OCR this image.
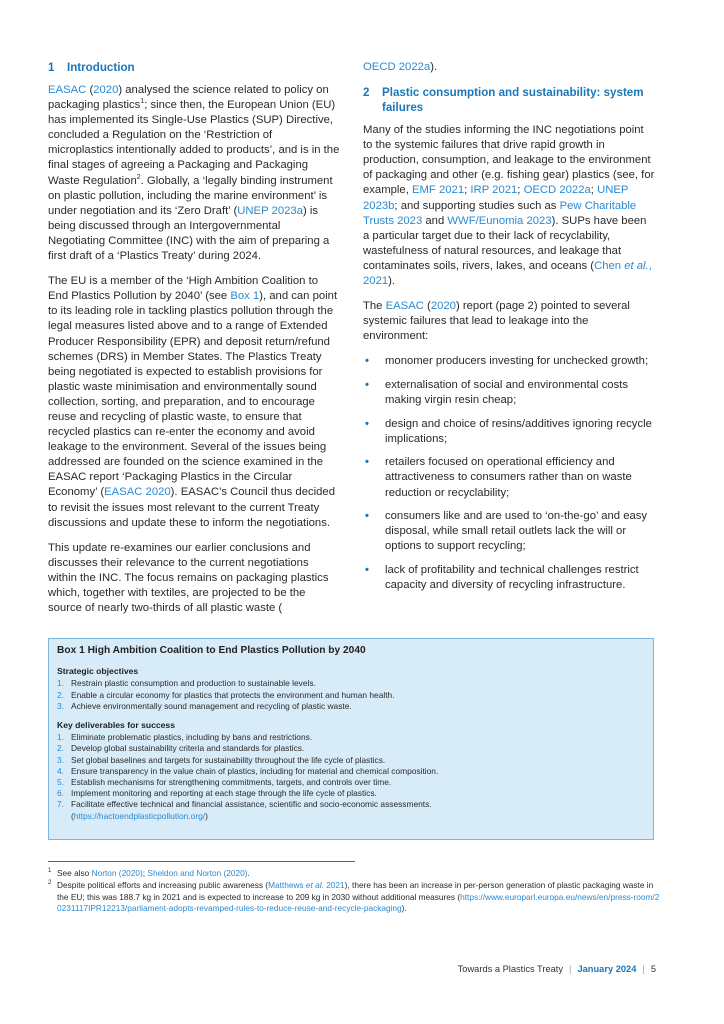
1	Introduction

EASAC (2020) analysed the science related to policy on packaging plastics$^1$; since then, the European Union (EU) has implemented its Single-Use Plastics (SUP) Directive, concluded a Regulation on the ‘Restriction of microplastics intentionally added to products’, and is in the final stages of agreeing a Packaging and Packaging Waste Regulation$^2$. Globally, a ‘legally binding instrument on plastic pollution, including the marine environment’ is under negotiation and its ‘Zero Draft’ (UNEP 2023a) is being discussed through an Intergovernmental Negotiating Committee (INC) with the aim of preparing a first draft of a ‘Plastics Treaty’ during 2024.

The EU is a member of the ‘High Ambition Coalition to End Plastics Pollution by 2040’ (see Box 1), and can point to its leading role in tackling plastics pollution through the legal measures listed above and to a range of Extended Producer Responsibility (EPR) and deposit return/refund schemes (DRS) in Member States. The Plastics Treaty being negotiated is expected to establish provisions for plastic waste minimisation and environmentally sound collection, sorting, and preparation, and to encourage reuse and recycling of plastic waste, to ensure that recycled plastics can re-enter the economy and avoid leakage to the environment. Several of the issues being addressed are founded on the science examined in the EASAC report ‘Packaging Plastics in the Circular Economy’ (EASAC 2020). EASAC’s Council thus decided to revisit the issues most relevant to the current Treaty discussions and update these to inform the negotiations.

This update re-examines our earlier conclusions and discusses their relevance to the current negotiations within the INC. The focus remains on packaging plastics which, together with textiles, are projected to be the source of nearly two-thirds of all plastic waste (

OECD 2022a).

2	Plastic consumption and sustainability: system failures

Many of the studies informing the INC negotiations point to the systemic failures that drive rapid growth in production, consumption, and leakage to the environment of packaging and other (e.g. fishing gear) plastics (see, for example, EMF 2021; IRP 2021; OECD 2022a; UNEP 2023b; and supporting studies such as Pew Charitable Trusts 2023 and WWF/Eunomia 2023). SUPs have been a particular target due to their lack of recyclability, wastefulness of natural resources, and leakage that contaminates soils, rivers, lakes, and oceans (Chen et al., 2021).

The EASAC (2020) report (page 2) pointed to several systemic failures that lead to leakage into the environment:

• monomer producers investing for unchecked growth;
• externalisation of social and environmental costs making virgin resin cheap;
• design and choice of resins/additives ignoring recycle implications;
• retailers focused on operational efficiency and attractiveness to consumers rather than on waste reduction or recyclability;
• consumers like and are used to ‘on-the-go’ and easy disposal, while small retail outlets lack the will or options to support recycling;
• lack of profitability and technical challenges restrict capacity and diversity of recycling infrastructure.
Box 1 High Ambition Coalition to End Plastics Pollution by 2040
Strategic objectives
1. Restrain plastic consumption and production to sustainable levels.
2. Enable a circular economy for plastics that protects the environment and human health.
3. Achieve environmentally sound management and recycling of plastic waste.
Key deliverables for success
1. Eliminate problematic plastics, including by bans and restrictions.
2. Develop global sustainability criteria and standards for plastics.
3. Set global baselines and targets for sustainability throughout the life cycle of plastics.
4. Ensure transparency in the value chain of plastics, including for material and chemical composition.
5. Establish mechanisms for strengthening commitments, targets, and controls over time.
6. Implement monitoring and reporting at each stage through the life cycle of plastics.
7. Facilitate effective technical and financial assistance, scientific and socio-economic assessments.
(https://hactoendplasticpollution.org/)
1 See also Norton (2020); Sheldon and Norton (2020).
2 Despite political efforts and increasing public awareness (Matthews et al. 2021), there has been an increase in per-person generation of plastic packaging waste in the EU; this was 188.7 kg in 2021 and is expected to increase to 209 kg in 2030 without additional measures (https://www.europarl.europa.eu/news/en/press-room/20231117IPR12213/parliament-adopts-revamped-rules-to-reduce-reuse-and-recycle-packaging).
Towards a Plastics Treaty | January 2024 | 5
